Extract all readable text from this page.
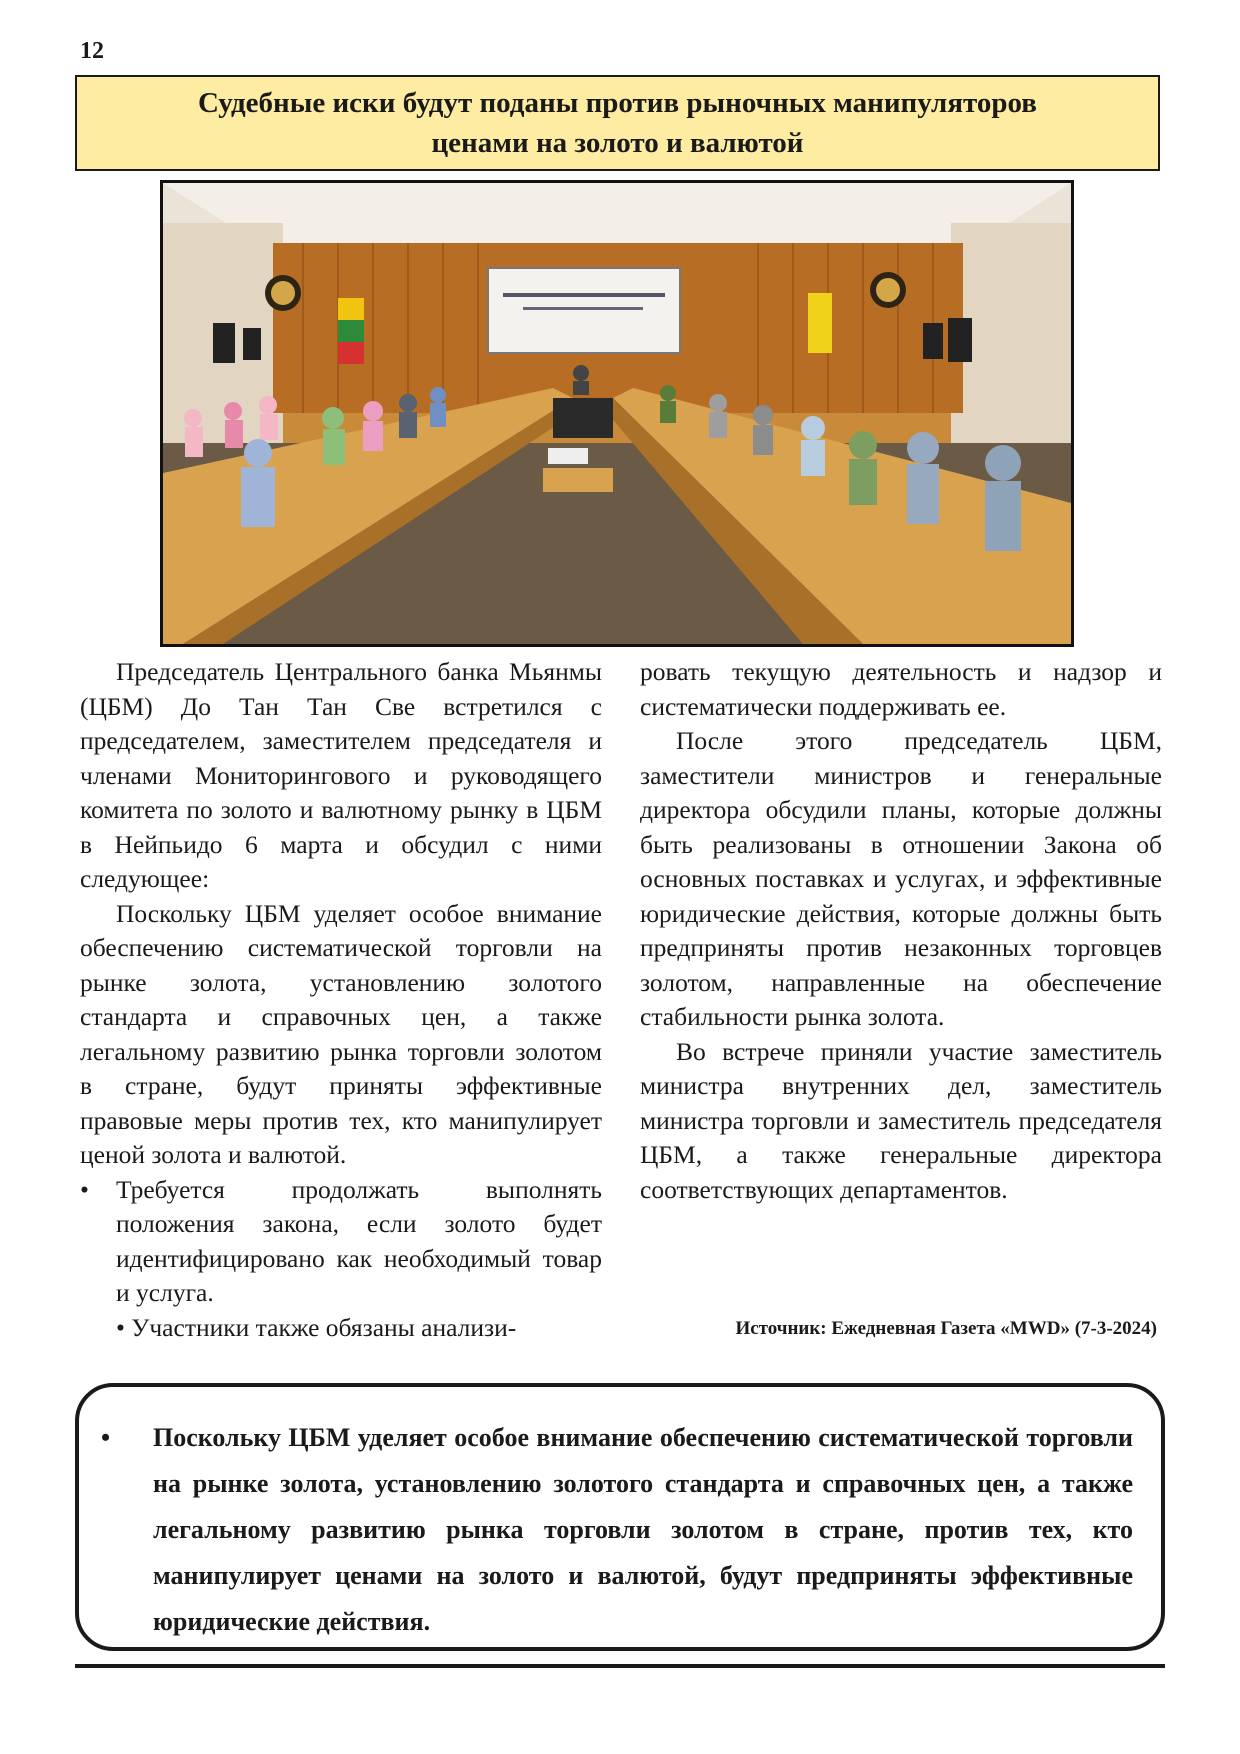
12
Судебные иски будут поданы против рыночных манипуляторов
ценами на золото и валютой

Председатель Центрального банка Мьянмы (ЦБМ) До Тан Тан Све встретился с председателем, заместителем председателя и членами Мониторингового и руководящего комитета по золото и валютному рынку в ЦБМ в Нейпьидо 6 марта и обсудил с ними следующее:

Поскольку ЦБМ уделяет особое внимание обеспечению систематической торговли на рынке золота, установлению золотого стандарта и справочных цен, а также легальному развитию рынка торговли золотом в стране, будут приняты эффективные правовые меры против тех, кто манипулирует ценой золота и валютой.

•	Требуется продолжать выполнять положения закона, если золото будет идентифицировано как необходимый товар и услуга.
• Участники также обязаны анализи-

ровать текущую деятельность и надзор и систематически поддерживать ее.

После этого председатель ЦБМ, заместители министров и генеральные директора обсудили планы, которые должны быть реализованы в отношении Закона об основных поставках и услугах, и эффективные юридические действия, которые должны быть предприняты против незаконных торговцев золотом, направленные на обеспечение стабильности рынка золота.

Во встрече приняли участие заместитель министра внутренних дел, заместитель министра торговли и заместитель председателя ЦБМ, а также генеральные директора соответствующих департаментов.

Источник: Ежедневная Газета «MWD» (7-3-2024)
•	Поскольку ЦБМ уделяет особое внимание обеспечению систематической торговли на рынке золота, установлению золотого стандарта и справочных цен, а также легальному развитию рынка торговли золотом в стране, против тех, кто манипулирует ценами на золото и валютой, будут предприняты эффективные юридические действия.
